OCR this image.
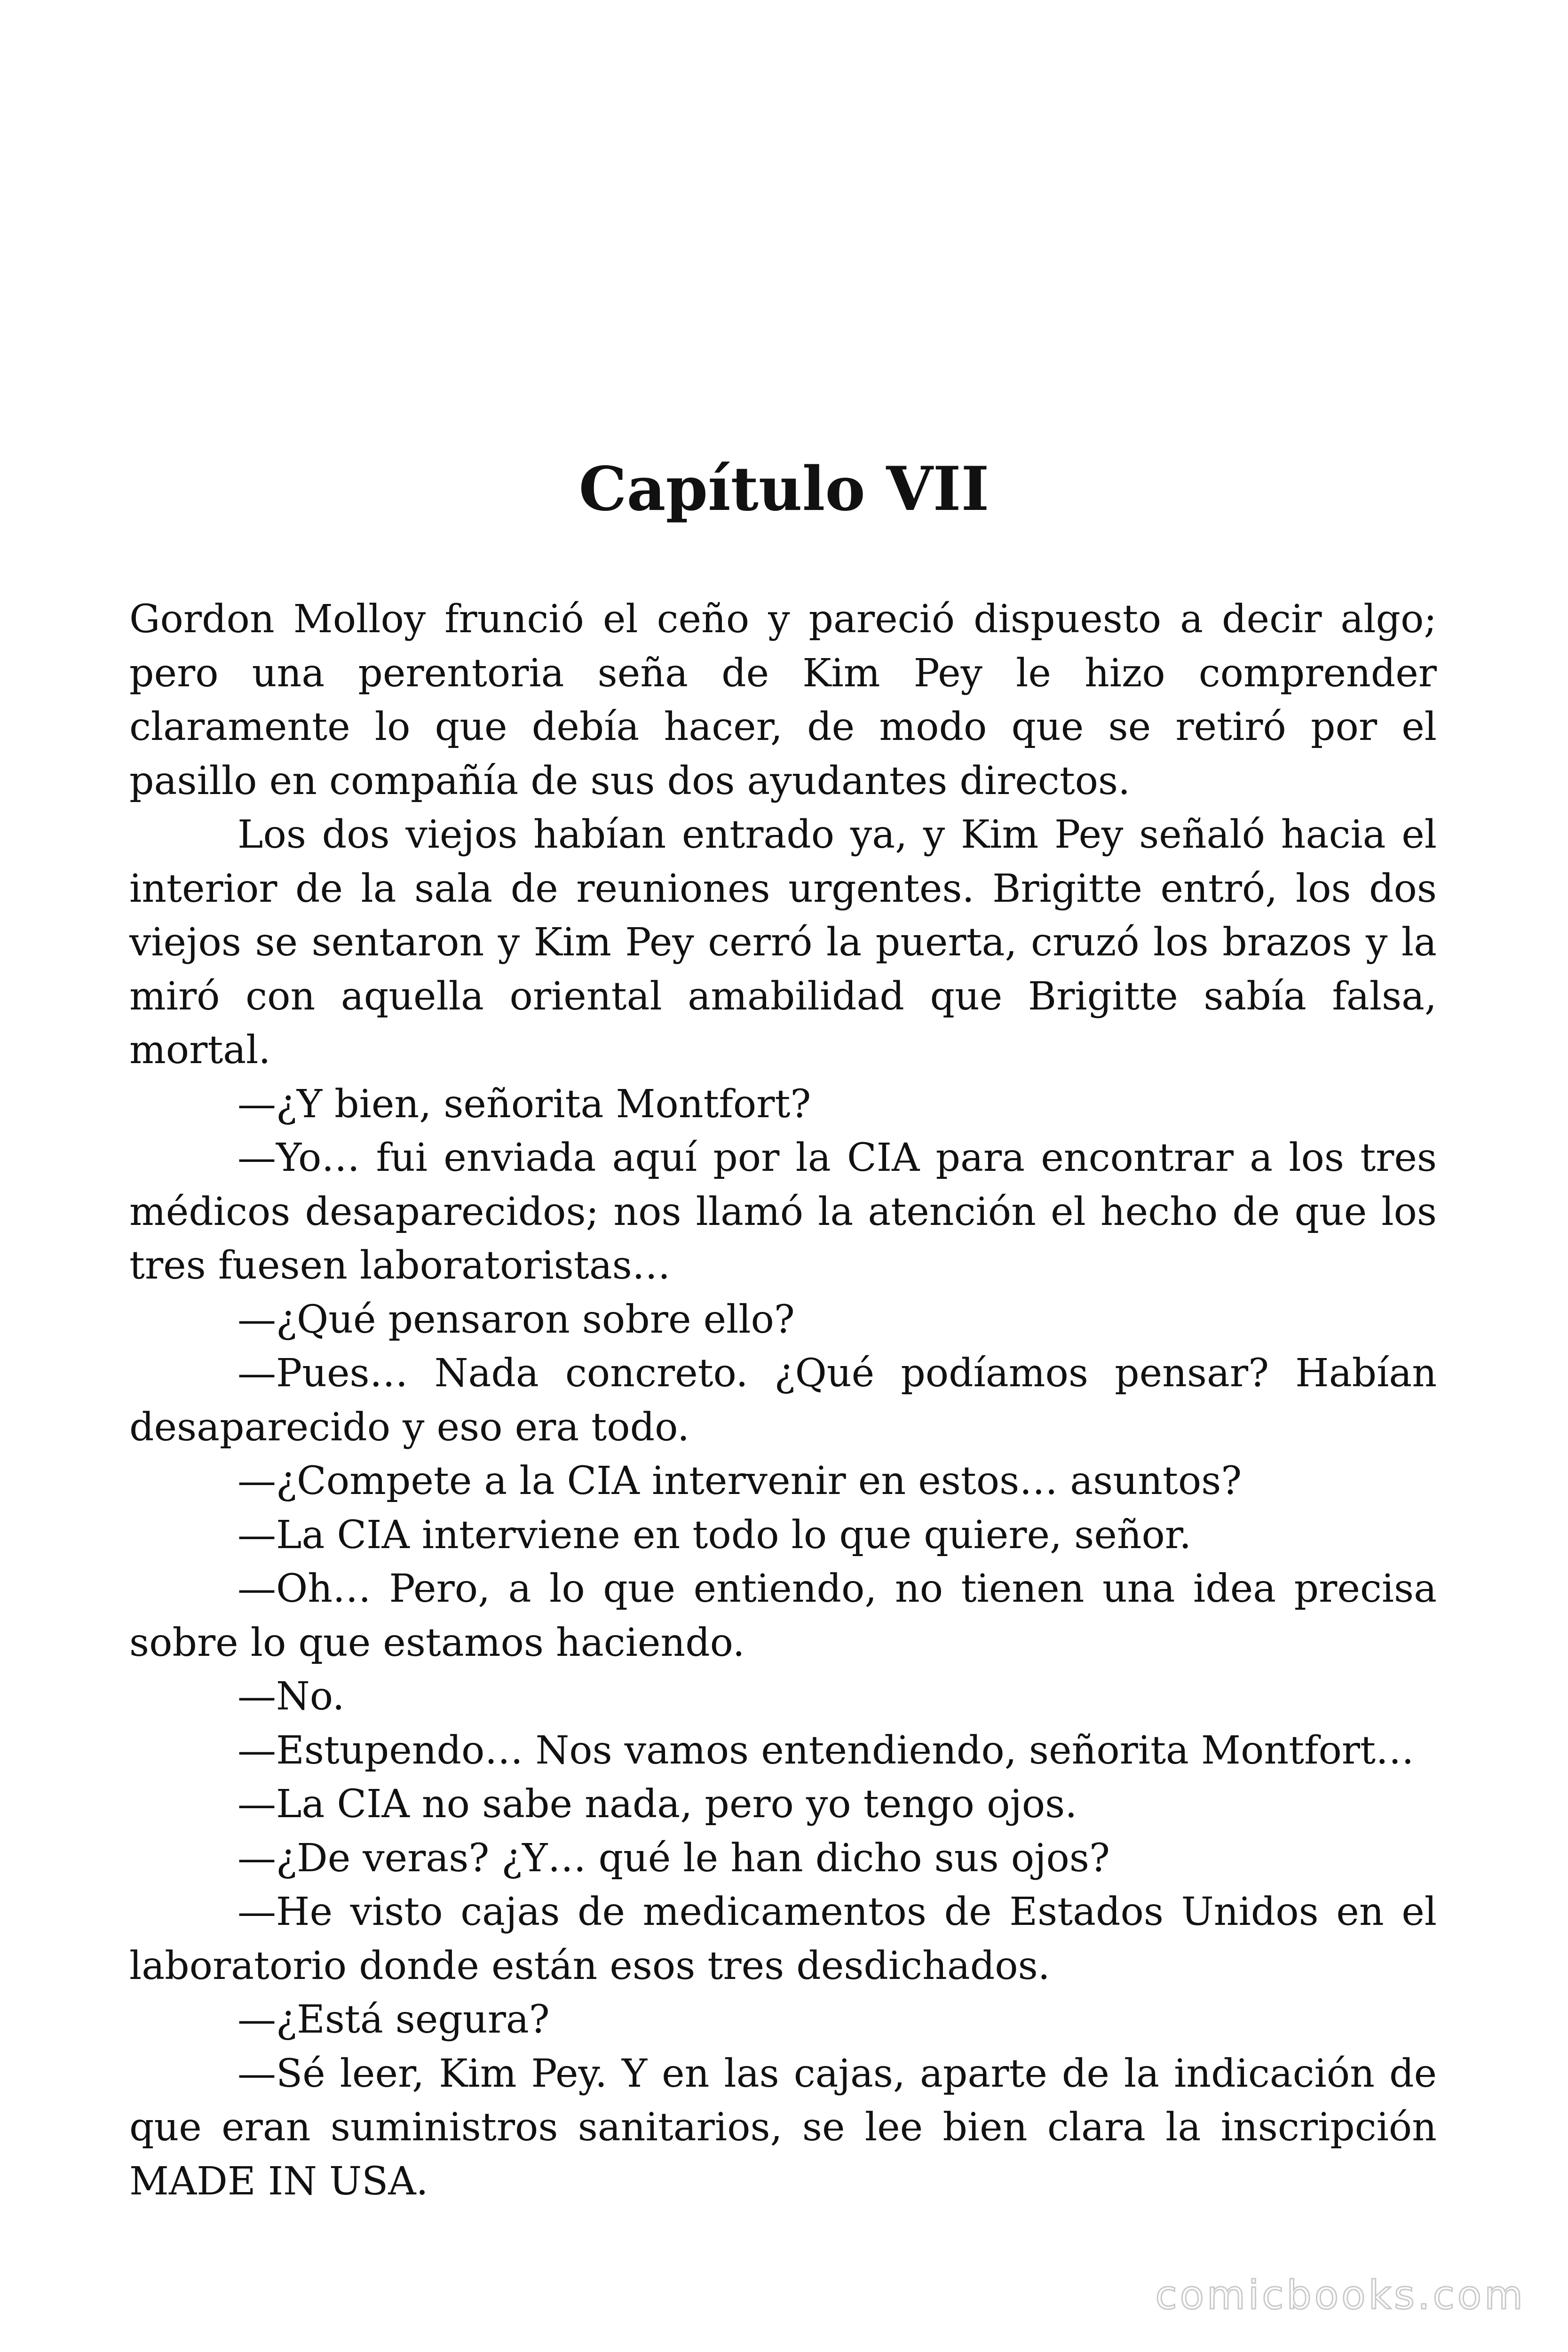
Capítulo VII

Gordon Molloy frunció el ceño y pareció dispuesto a decir algo; pero una perentoria seña de Kim Pey le hizo comprender claramente lo que debía hacer, de modo que se retiró por el pasillo en compañía de sus dos ayudantes directos.

Los dos viejos habían entrado ya, y Kim Pey señaló hacia el interior de la sala de reuniones urgentes. Brigitte entró, los dos viejos se sentaron y Kim Pey cerró la puerta, cruzó los brazos y la miró con aquella oriental amabilidad que Brigitte sabía falsa, mortal.

—¿Y bien, señorita Montfort?

—Yo… fui enviada aquí por la CIA para encontrar a los tres médicos desaparecidos; nos llamó la atención el hecho de que los tres fuesen laboratoristas…

—¿Qué pensaron sobre ello?

—Pues… Nada concreto. ¿Qué podíamos pensar? Habían desaparecido y eso era todo.

—¿Compete a la CIA intervenir en estos… asuntos?

—La CIA interviene en todo lo que quiere, señor.

—Oh… Pero, a lo que entiendo, no tienen una idea precisa sobre lo que estamos haciendo.

—No.

—Estupendo… Nos vamos entendiendo, señorita Montfort…

—La CIA no sabe nada, pero yo tengo ojos.

—¿De veras? ¿Y… qué le han dicho sus ojos?

—He visto cajas de medicamentos de Estados Unidos en el laboratorio donde están esos tres desdichados.

—¿Está segura?

—Sé leer, Kim Pey. Y en las cajas, aparte de la indicación de que eran suministros sanitarios, se lee bien clara la inscripción MADE IN USA.

comicbooks.com
